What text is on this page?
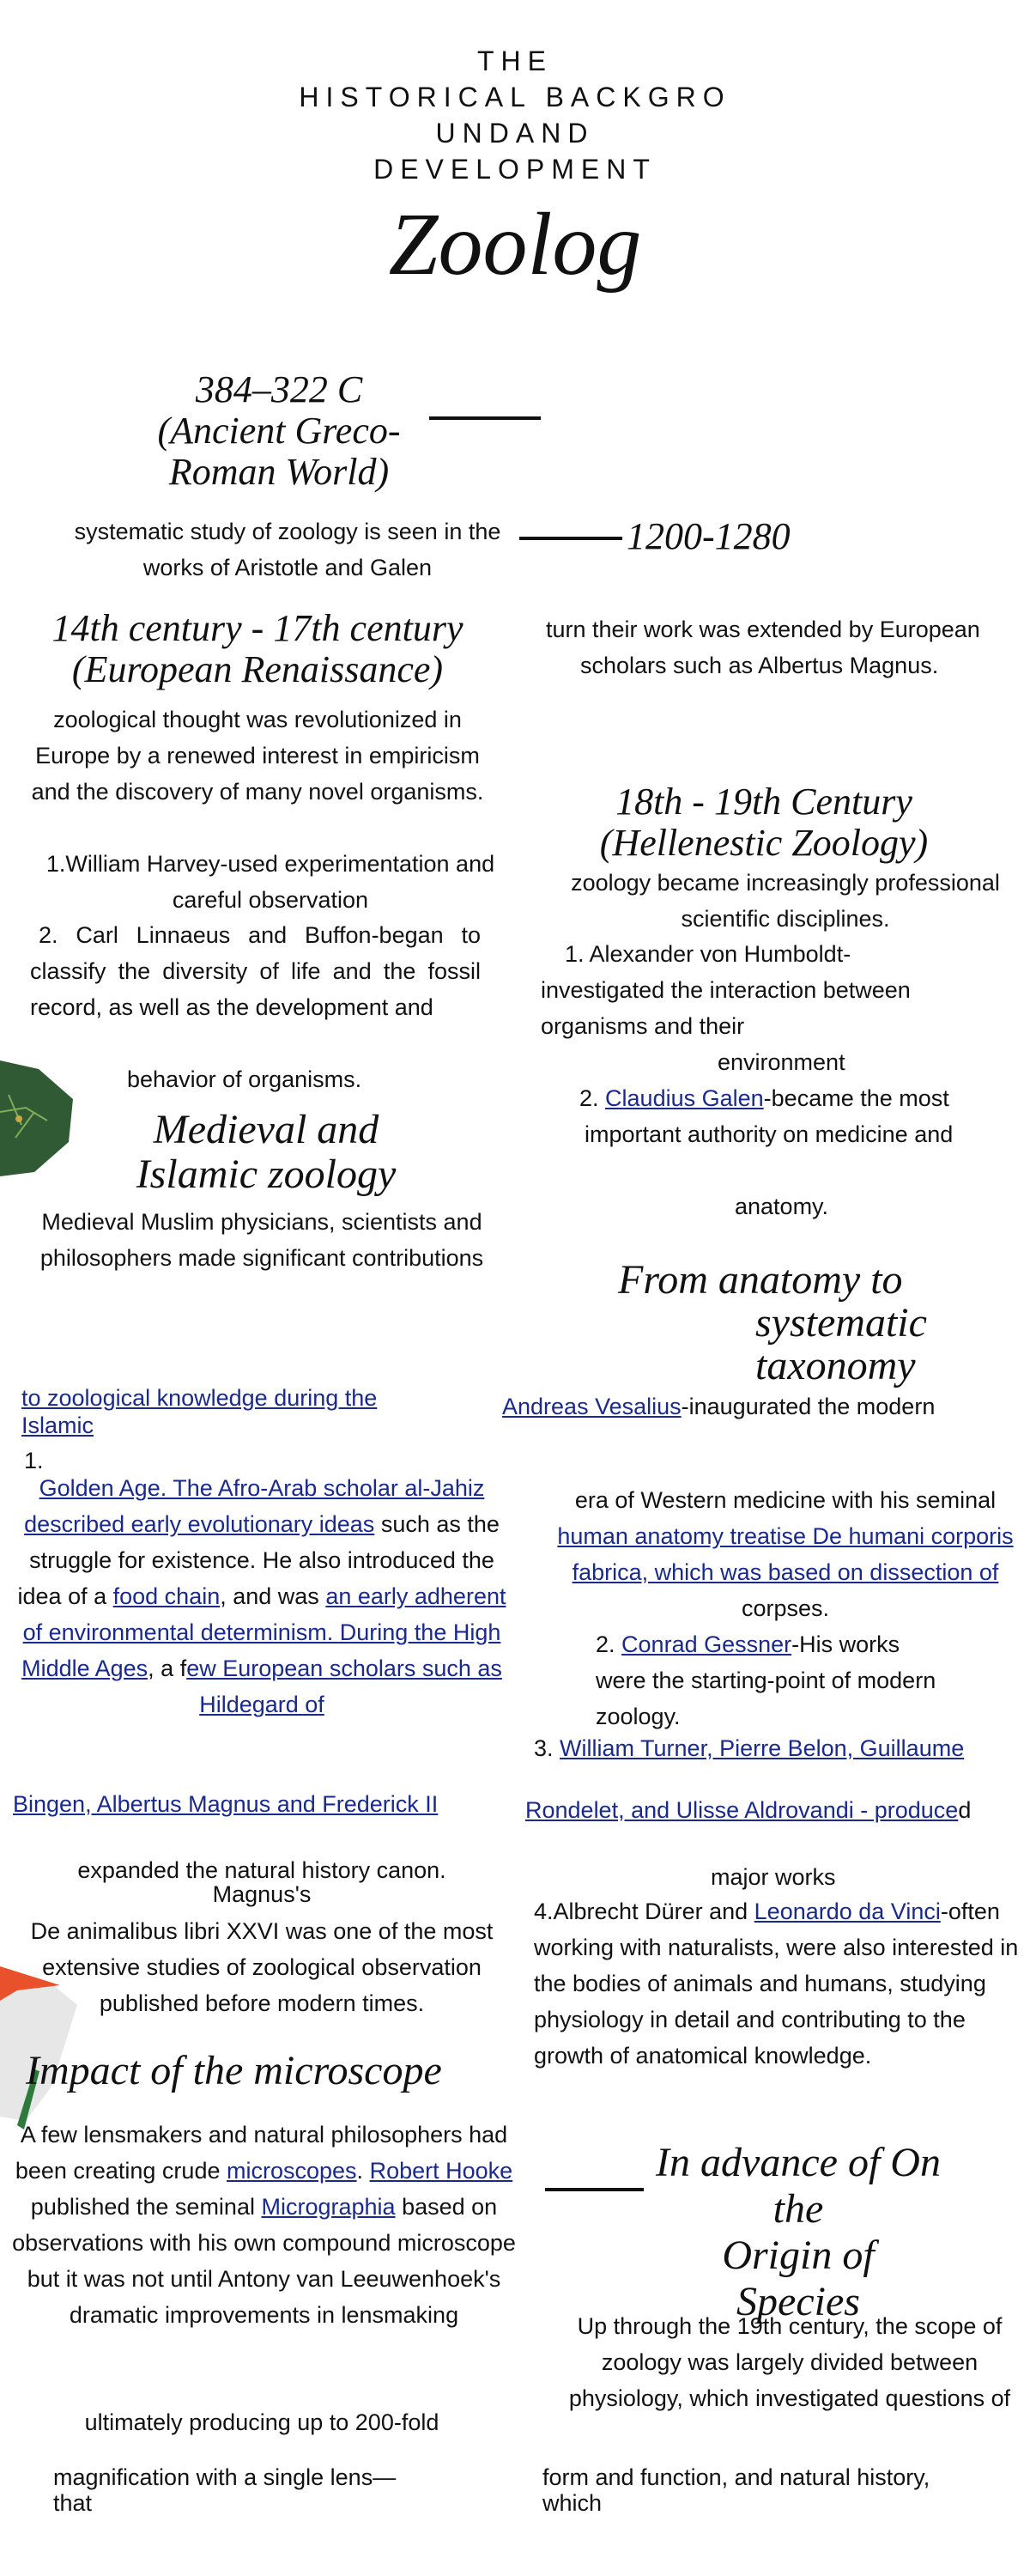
THE
HISTORICAL BACKGRO
UNDAND
DEVELOPMENT
Zoolog
384–322 C
(Ancient Greco-
Roman World)
systematic study of zoology is seen in the works of Aristotle and Galen
1200-1280
turn their work was extended by European scholars such as Albertus Magnus.
14th century - 17th century
(European Renaissance)
zoological thought was revolutionized in Europe by a renewed interest in empiricism and the discovery of many novel organisms.
1.William Harvey-used experimentation and careful observation
2. Carl Linnaeus and Buffon-began to classify the diversity of life and the fossil record, as well as the development and
behavior of organisms.
18th - 19th Century
(Hellenestic Zoology)
zoology became increasingly professional scientific disciplines.
1. Alexander von Humboldt-investigated the interaction between organisms and their
environment
2. Claudius Galen-became the most important authority on medicine and
anatomy.
Medieval and
Islamic zoology
Medieval Muslim physicians, scientists and philosophers made significant contributions
to zoological knowledge during the Islamic
1.
Golden Age. The Afro-Arab scholar al-Jahiz described early evolutionary ideas such as the struggle for existence. He also introduced the idea of a food chain, and was an early adherent of environmental determinism. During the High Middle Ages, a few European scholars such as Hildegard of
Bingen, Albertus Magnus and Frederick II
expanded the natural history canon.
Magnus's
De animalibus libri XXVI was one of the most extensive studies of zoological observation published before modern times.
From anatomy to
systematic
taxonomy
Andreas Vesalius-inaugurated the modern
era of Western medicine with his seminal human anatomy treatise De humani corporis fabrica, which was based on dissection of corpses.
2. Conrad Gessner-His works were the starting-point of modern zoology.
3. William Turner, Pierre Belon, Guillaume
Rondelet, and Ulisse Aldrovandi - produced
major works
4.Albrecht Dürer and Leonardo da Vinci-often working with naturalists, were also interested in the bodies of animals and humans, studying physiology in detail and contributing to the growth of anatomical knowledge.
Impact of the microscope
A few lensmakers and natural philosophers had been creating crude microscopes. Robert Hooke published the seminal Micrographia based on observations with his own compound microscope but it was not until Antony van Leeuwenhoek's dramatic improvements in lensmaking
ultimately producing up to 200-fold
magnification with a single lens—
that
In advance of On the
Origin of
Species
Up through the 19th century, the scope of zoology was largely divided between physiology, which investigated questions of
form and function, and natural history,
which
